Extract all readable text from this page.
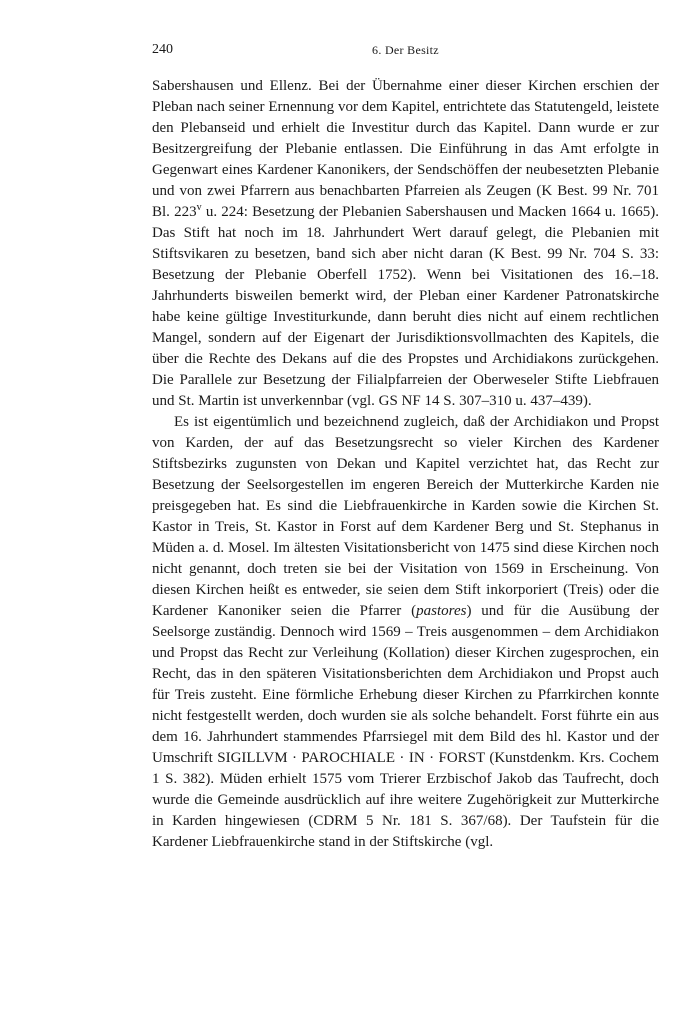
240	6. Der Besitz

Sabershausen und Ellenz. Bei der Übernahme einer dieser Kirchen erschien der Pleban nach seiner Ernennung vor dem Kapitel, entrichtete das Statutengeld, leistete den Plebanseid und erhielt die Investitur durch das Kapitel. Dann wurde er zur Besitzergreifung der Plebanie entlassen. Die Einführung in das Amt erfolgte in Gegenwart eines Kardener Kanonikers, der Sendschöffen der neubesetzten Plebanie und von zwei Pfarrern aus benachbarten Pfarreien als Zeugen (K Best. 99 Nr. 701 Bl. 223$^v$ u. 224: Besetzung der Plebanien Sabershausen und Macken 1664 u. 1665). Das Stift hat noch im 18. Jahrhundert Wert darauf gelegt, die Plebanien mit Stiftsvikaren zu besetzen, band sich aber nicht daran (K Best. 99 Nr. 704 S. 33: Besetzung der Plebanie Oberfell 1752). Wenn bei Visitationen des 16.–18. Jahrhunderts bisweilen bemerkt wird, der Pleban einer Kardener Patronatskirche habe keine gültige Investiturkunde, dann beruht dies nicht auf einem rechtlichen Mangel, sondern auf der Eigenart der Jurisdiktionsvollmachten des Kapitels, die über die Rechte des Dekans auf die des Propstes und Archidiakons zurückgehen. Die Parallele zur Besetzung der Filialpfarreien der Oberweseler Stifte Liebfrauen und St. Martin ist unverkennbar (vgl. GS NF 14 S. 307–310 u. 437–439).

Es ist eigentümlich und bezeichnend zugleich, daß der Archidiakon und Propst von Karden, der auf das Besetzungsrecht so vieler Kirchen des Kardener Stiftsbezirks zugunsten von Dekan und Kapitel verzichtet hat, das Recht zur Besetzung der Seelsorgestellen im engeren Bereich der Mutterkirche Karden nie preisgegeben hat. Es sind die Liebfrauenkirche in Karden sowie die Kirchen St. Kastor in Treis, St. Kastor in Forst auf dem Kardener Berg und St. Stephanus in Müden a. d. Mosel. Im ältesten Visitationsbericht von 1475 sind diese Kirchen noch nicht genannt, doch treten sie bei der Visitation von 1569 in Erscheinung. Von diesen Kirchen heißt es entweder, sie seien dem Stift inkorporiert (Treis) oder die Kardener Kanoniker seien die Pfarrer (pastores) und für die Ausübung der Seelsorge zuständig. Dennoch wird 1569 – Treis ausgenommen – dem Archidiakon und Propst das Recht zur Verleihung (Kollation) dieser Kirchen zugesprochen, ein Recht, das in den späteren Visitationsberichten dem Archidiakon und Propst auch für Treis zusteht. Eine förmliche Erhebung dieser Kirchen zu Pfarrkirchen konnte nicht festgestellt werden, doch wurden sie als solche behandelt. Forst führte ein aus dem 16. Jahrhundert stammendes Pfarrsiegel mit dem Bild des hl. Kastor und der Umschrift SIGILLVM · PAROCHIALE · IN · FORST (Kunstdenkm. Krs. Cochem 1 S. 382). Müden erhielt 1575 vom Trierer Erzbischof Jakob das Taufrecht, doch wurde die Gemeinde ausdrücklich auf ihre weitere Zugehörigkeit zur Mutterkirche in Karden hingewiesen (CDRM 5 Nr. 181 S. 367/68). Der Taufstein für die Kardener Liebfrauenkirche stand in der Stiftskirche (vgl.
